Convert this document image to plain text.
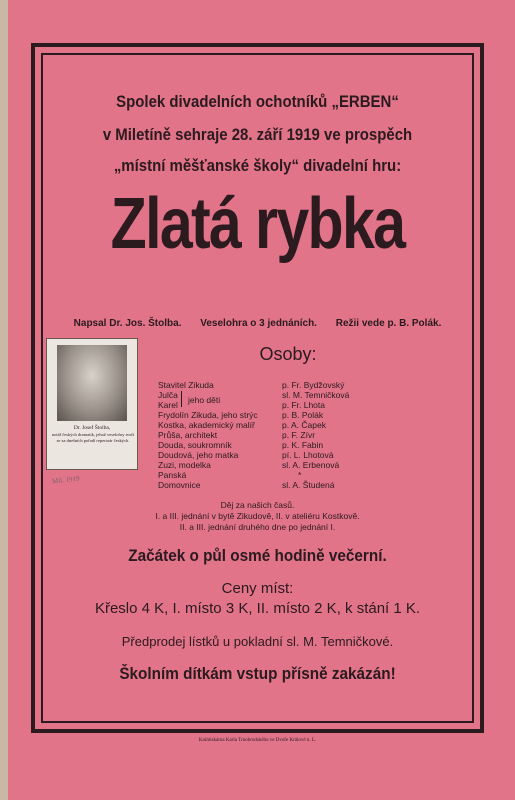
Spolek divadelních ochotníků „ERBEN“
v Miletíně sehraje 28. září 1919 ve prospěch
„místní měšťanské školy“ divadelní hru:
Zlatá rybka
Napsal Dr. Jos. Štolba. Veselohra o 3 jednáních. Režii vede p. B. Polák.
Dr. Josef Štolba,
notář českých dramatik, jehož veselohry tvoří se za dnešních pořadí repertoár českých.
Osoby:
Stavitel Zikuda	p. Fr. Bydžovský
Julča	sl. M. Temničková
Karel	p. Fr. Lhota
jeho děti
Frydolín Zikuda, jeho strýc	p. B. Polák
Kostka, akademický malíř	p. A. Čapek
Průša, architekt	p. F. Zívr
Douda, soukromník	p. K. Fabin
Doudová, jeho matka	pí. L. Lhotová
Zuzi, modelka	sl. A. Erbenová
Panská	*
Domovnice	sl. A. Študená
Mil. 1919
Děj za našich časů.
I. a III. jednání v bytě Zikudově, II. v ateliéru Kostkově.
II. a III. jednání druhého dne po jednání I.
Začátek o půl osmé hodině večerní.
Ceny míst:
Křeslo 4 K, I. místo 3 K, II. místo 2 K, k stání 1 K.
Předprodej lístků u pokladní sl. M. Temničkové.
Školním dítkám vstup přísně zakázán!
Knihtiskárna Karla Trnobrodského ve Dvoře Králové n. L.
